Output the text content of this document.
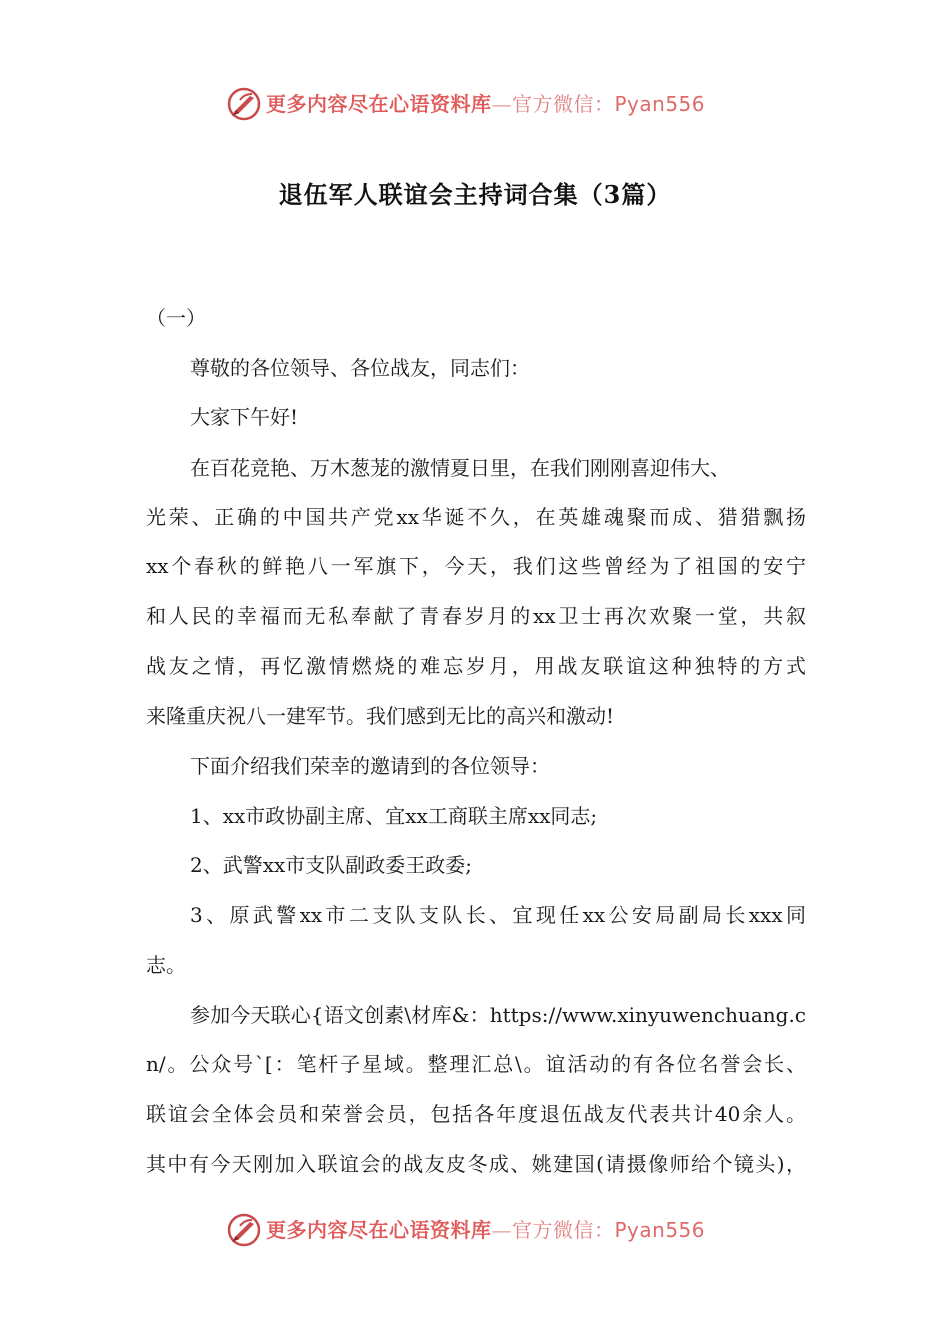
更多内容尽在心语资料库—官方微信：Pyan556
退伍军人联谊会主持词合集（3篇）
（一）
尊敬的各位领导、各位战友，同志们：
大家下午好!
在百花竞艳、万木葱茏的激情夏日里，在我们刚刚喜迎伟大、
光荣、正确的中国共产党xx华诞不久，在英雄魂聚而成、猎猎飘扬
xx个春秋的鲜艳八一军旗下，今天，我们这些曾经为了祖国的安宁
和人民的幸福而无私奉献了青春岁月的xx卫士再次欢聚一堂，共叙
战友之情，再忆激情燃烧的难忘岁月，用战友联谊这种独特的方式
来隆重庆祝八一建军节。我们感到无比的高兴和激动!
下面介绍我们荣幸的邀请到的各位领导：
1、xx市政协副主席、宜xx工商联主席xx同志;
2、武警xx市支队副政委王政委;
3、原武警xx市二支队支队长、宜现任xx公安局副局长xxx同
志。
参加今天联心{语文创素\材库&：https://www.xinyuwenchuang.c
n/。公众号`[：笔杆子星域。整理汇总\。谊活动的有各位名誉会长、
联谊会全体会员和荣誉会员，包括各年度退伍战友代表共计40余人。
其中有今天刚加入联谊会的战友皮冬成、姚建国(请摄像师给个镜头)，
更多内容尽在心语资料库—官方微信：Pyan556
